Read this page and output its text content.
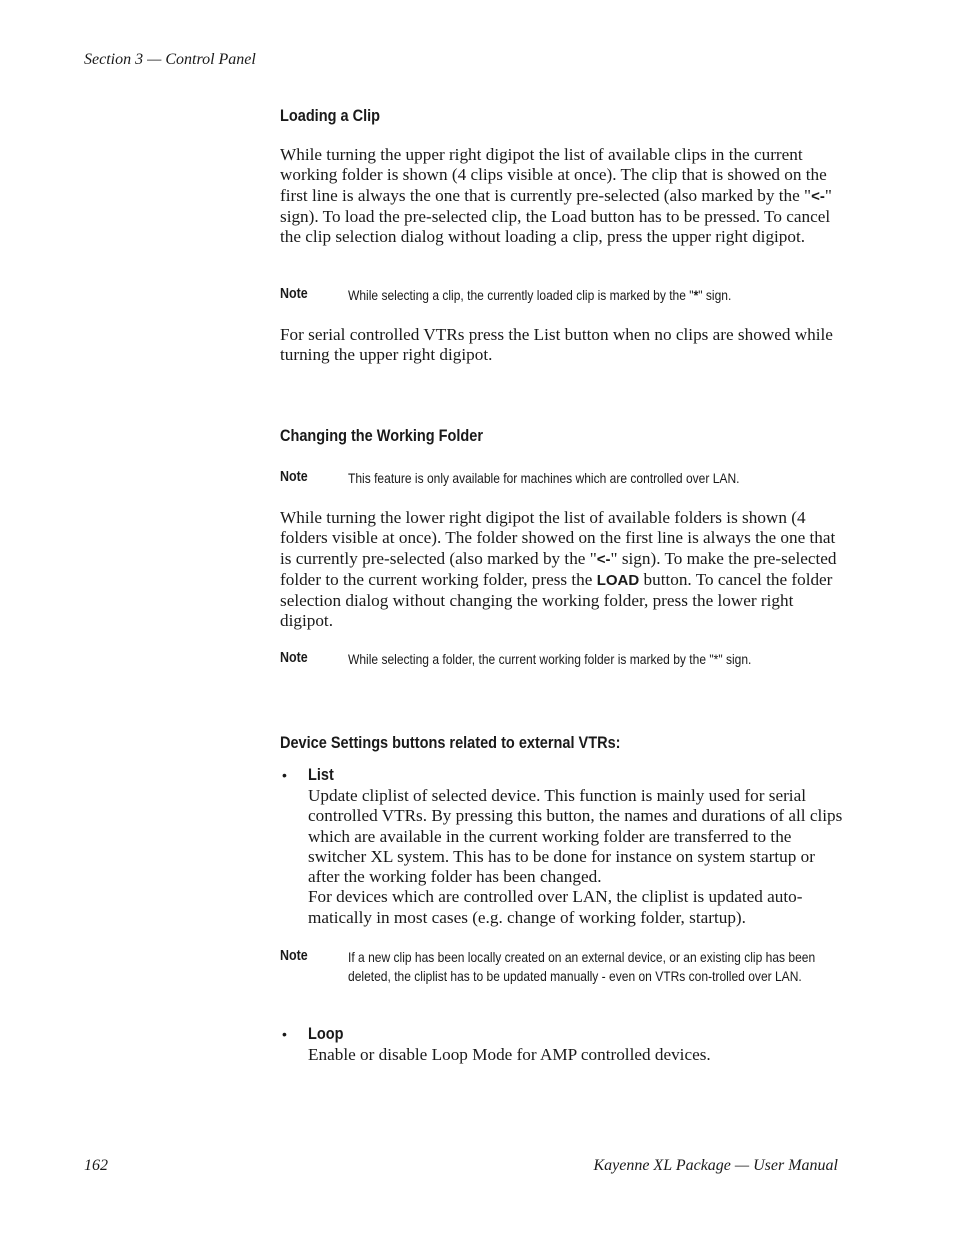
Section 3 — Control Panel
Loading a Clip

While turning the upper right digipot the list of available clips in the current working folder is shown (4 clips visible at once). The clip that is showed on the first line is always the one that is currently pre-selected (also marked by the "<-" sign). To load the pre-selected clip, the Load button has to be pressed. To cancel the clip selection dialog without loading a clip, press the upper right digipot.

Note	While selecting a clip, the currently loaded clip is marked by the "*" sign.
For serial controlled VTRs press the List button when no clips are showed while turning the upper right digipot.
Changing the Working Folder
Note	This feature is only available for machines which are controlled over LAN.

While turning the lower right digipot the list of available folders is shown (4 folders visible at once). The folder showed on the first line is always the one that is currently pre-selected (also marked by the "<-" sign). To make the pre-selected folder to the current working folder, press the LOAD button. To cancel the folder selection dialog without changing the working folder, press the lower right digipot.

Note	While selecting a folder, the current working folder is marked by the "*" sign.
Device Settings buttons related to external VTRs:
• List

Update cliplist of selected device. This function is mainly used for serial controlled VTRs. By pressing this button, the names and durations of all clips which are available in the current working folder are transferred to the switcher XL system. This has to be done for instance on system startup or after the working folder has been changed.

For devices which are controlled over LAN, the cliplist is updated auto-matically in most cases (e.g. change of working folder, startup).

Note	If a new clip has been locally created on an external device, or an existing clip has been deleted, the cliplist has to be updated manually - even on VTRs con-trolled over LAN.
• Loop

Enable or disable Loop Mode for AMP controlled devices.

162	Kayenne XL Package — User Manual
